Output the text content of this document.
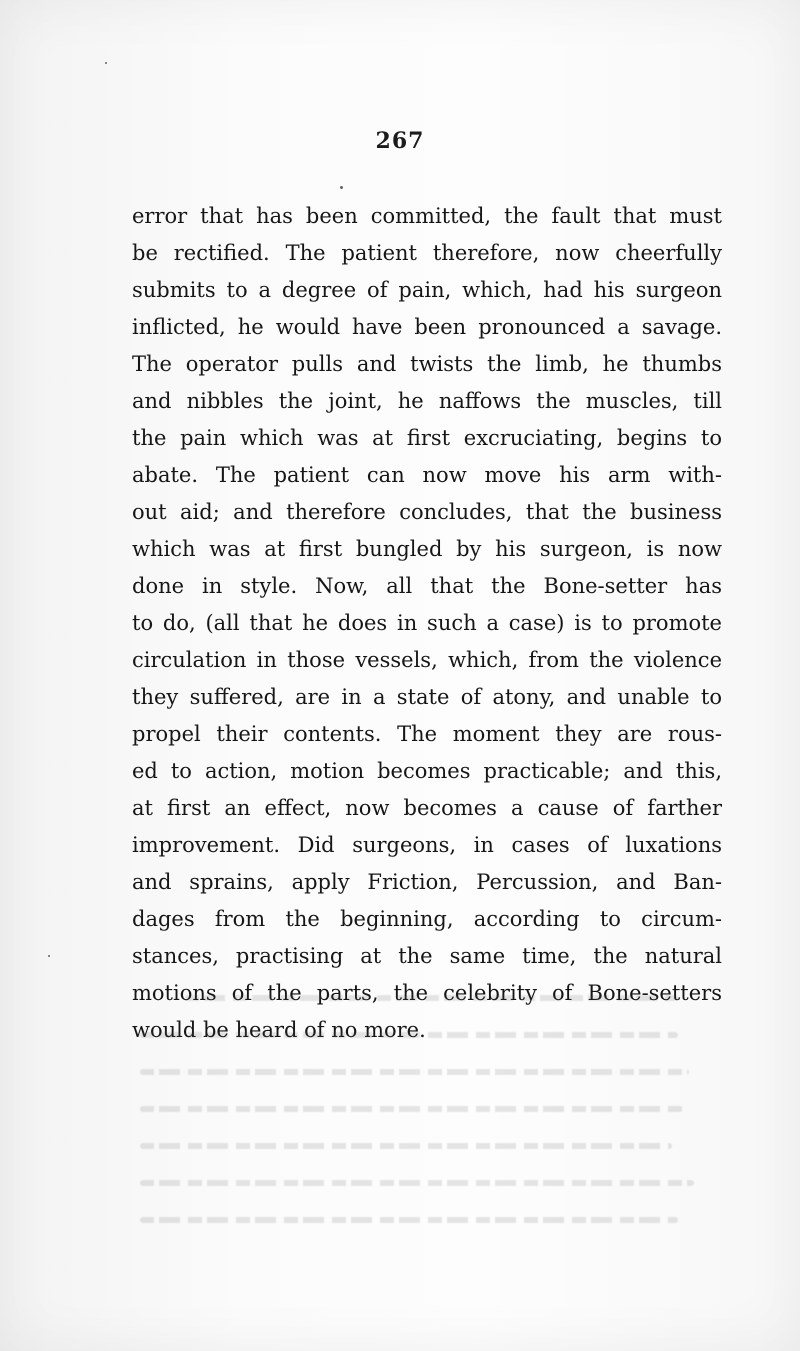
267
error that has been committed, the fault that must
be rectified. The patient therefore, now cheerfully
submits to a degree of pain, which, had his surgeon
inflicted, he would have been pronounced a savage.
The operator pulls and twists the limb, he thumbs
and nibbles the joint, he naffows the muscles, till
the pain which was at first excruciating, begins to
abate. The patient can now move his arm with-
out aid; and therefore concludes, that the business
which was at first bungled by his surgeon, is now
done in style. Now, all that the Bone-setter has
to do, (all that he does in such a case) is to promote
circulation in those vessels, which, from the violence
they suffered, are in a state of atony, and unable to
propel their contents. The moment they are rous-
ed to action, motion becomes practicable; and this,
at first an effect, now becomes a cause of farther
improvement. Did surgeons, in cases of luxations
and sprains, apply Friction, Percussion, and Ban-
dages from the beginning, according to circum-
stances, practising at the same time, the natural
motions of the parts, the celebrity of Bone-setters
would be heard of no more.
